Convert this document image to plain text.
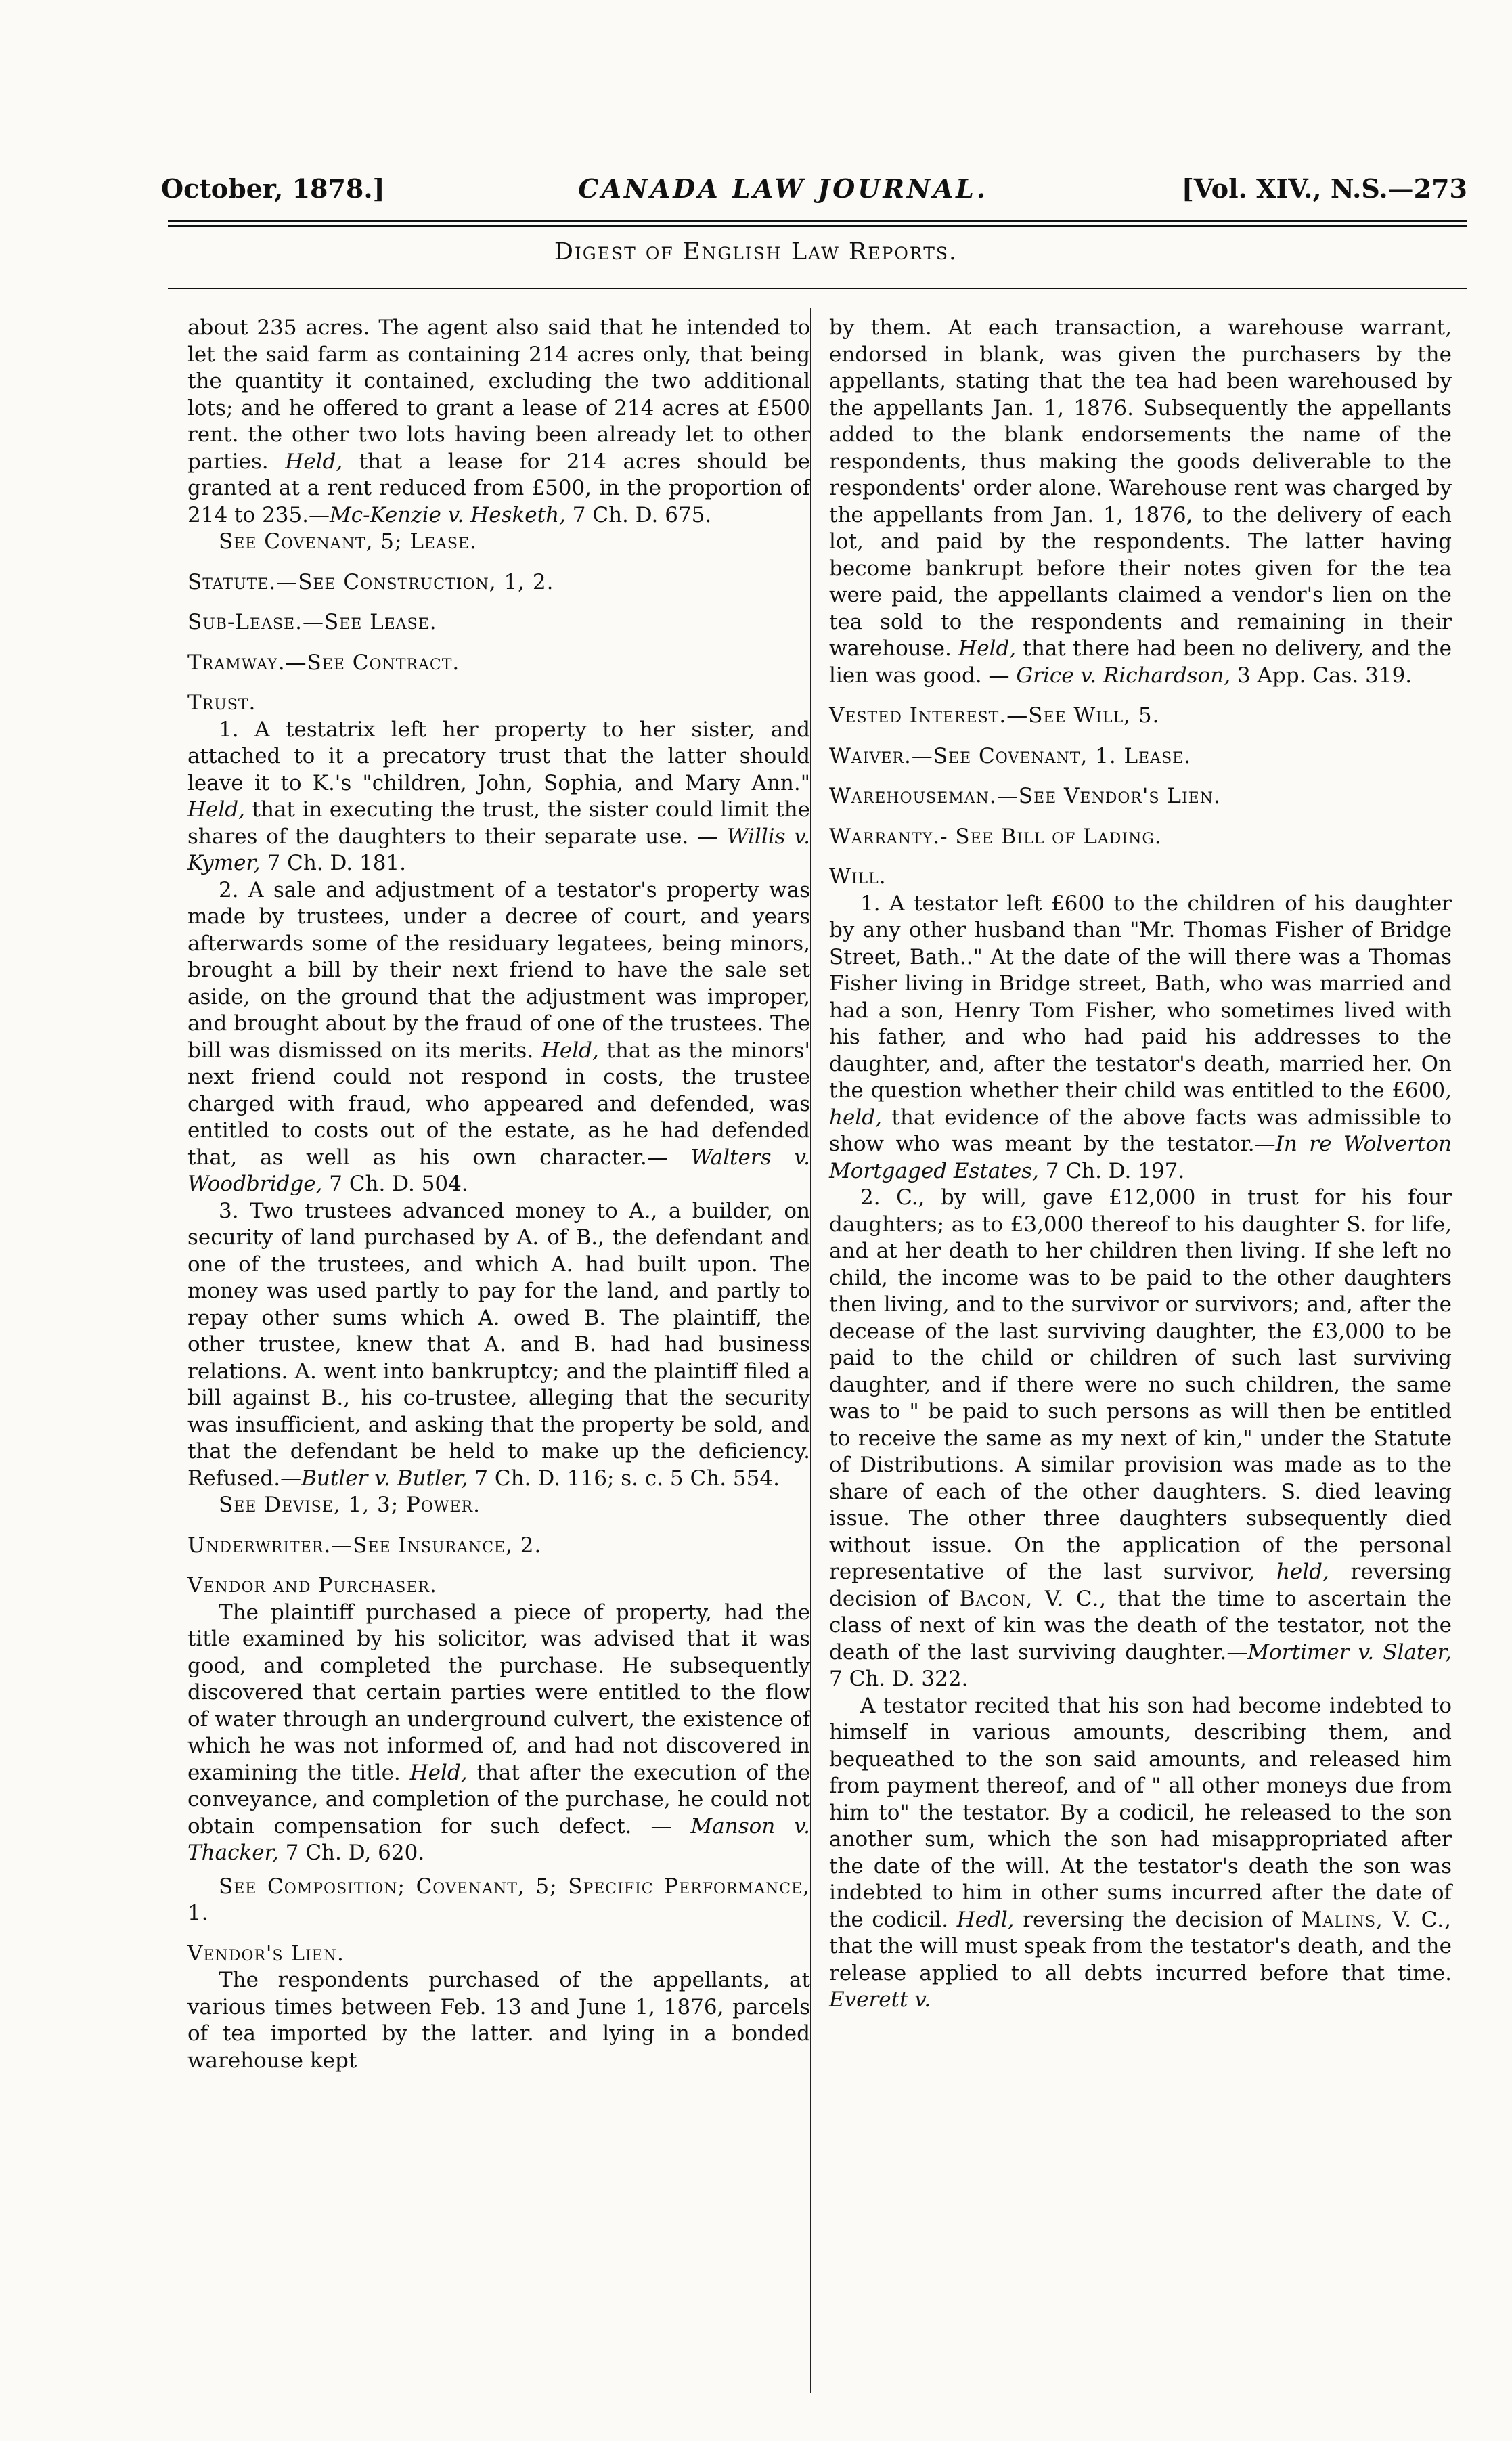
October, 1878.]	CANADA LAW JOURNAL.	[Vol. XIV., N.S.—273
Digest of English Law Reports.

about 235 acres. The agent also said that he intended to let the said farm as containing 214 acres only, that being the quantity it contained, excluding the two additional lots; and he offered to grant a lease of 214 acres at £500 rent. the other two lots having been already let to other parties. Held, that a lease for 214 acres should be granted at a rent reduced from £500, in the proportion of 214 to 235.—Mc-Kenzie v. Hesketh, 7 Ch. D. 675.

See Covenant, 5; Lease.

Statute.—See Construction, 1, 2.

Sub-Lease.—See Lease.

Tramway.—See Contract.

Trust.

1. A testatrix left her property to her sister, and attached to it a precatory trust that the latter should leave it to K.'s "children, John, Sophia, and Mary Ann." Held, that in executing the trust, the sister could limit the shares of the daughters to their separate use. — Willis v. Kymer, 7 Ch. D. 181.

2. A sale and adjustment of a testator's property was made by trustees, under a decree of court, and years afterwards some of the residuary legatees, being minors, brought a bill by their next friend to have the sale set aside, on the ground that the adjustment was improper, and brought about by the fraud of one of the trustees. The bill was dismissed on its merits. Held, that as the minors' next friend could not respond in costs, the trustee charged with fraud, who appeared and defended, was entitled to costs out of the estate, as he had defended that, as well as his own character.— Walters v. Woodbridge, 7 Ch. D. 504.

3. Two trustees advanced money to A., a builder, on security of land purchased by A. of B., the defendant and one of the trustees, and which A. had built upon. The money was used partly to pay for the land, and partly to repay other sums which A. owed B. The plaintiff, the other trustee, knew that A. and B. had had business relations. A. went into bankruptcy; and the plaintiff filed a bill against B., his co-trustee, alleging that the security was insufficient, and asking that the property be sold, and that the defendant be held to make up the deficiency. Refused.—Butler v. Butler, 7 Ch. D. 116; s. c. 5 Ch. 554.

See Devise, 1, 3; Power.

Underwriter.—See Insurance, 2.

Vendor and Purchaser.

The plaintiff purchased a piece of property, had the title examined by his solicitor, was advised that it was good, and completed the purchase. He subsequently discovered that certain parties were entitled to the flow of water through an underground culvert, the existence of which he was not informed of, and had not discovered in examining the title. Held, that after the execution of the conveyance, and completion of the purchase, he could not obtain compensation for such defect. — Manson v. Thacker, 7 Ch. D, 620.

See Composition; Covenant, 5; Specific Performance, 1.

Vendor's Lien.

The respondents purchased of the appellants, at various times between Feb. 13 and June 1, 1876, parcels of tea imported by the latter. and lying in a bonded warehouse kept

by them. At each transaction, a warehouse warrant, endorsed in blank, was given the purchasers by the appellants, stating that the tea had been warehoused by the appellants Jan. 1, 1876. Subsequently the appellants added to the blank endorsements the name of the respondents, thus making the goods deliverable to the respondents' order alone. Warehouse rent was charged by the appellants from Jan. 1, 1876, to the delivery of each lot, and paid by the respondents. The latter having become bankrupt before their notes given for the tea were paid, the appellants claimed a vendor's lien on the tea sold to the respondents and remaining in their warehouse. Held, that there had been no delivery, and the lien was good. — Grice v. Richardson, 3 App. Cas. 319.

Vested Interest.—See Will, 5.

Waiver.—See Covenant, 1. Lease.

Warehouseman.—See Vendor's Lien.

Warranty.- See Bill of Lading.

Will.

1. A testator left £600 to the children of his daughter by any other husband than "Mr. Thomas Fisher of Bridge Street, Bath.." At the date of the will there was a Thomas Fisher living in Bridge street, Bath, who was married and had a son, Henry Tom Fisher, who sometimes lived with his father, and who had paid his addresses to the daughter, and, after the testator's death, married her. On the question whether their child was entitled to the £600, held, that evidence of the above facts was admissible to show who was meant by the testator.—In re Wolverton Mortgaged Estates, 7 Ch. D. 197.

2. C., by will, gave £12,000 in trust for his four daughters; as to £3,000 thereof to his daughter S. for life, and at her death to her children then living. If she left no child, the income was to be paid to the other daughters then living, and to the survivor or survivors; and, after the decease of the last surviving daughter, the £3,000 to be paid to the child or children of such last surviving daughter, and if there were no such children, the same was to " be paid to such persons as will then be entitled to receive the same as my next of kin," under the Statute of Distributions. A similar provision was made as to the share of each of the other daughters. S. died leaving issue. The other three daughters subsequently died without issue. On the application of the personal representative of the last survivor, held, reversing decision of Bacon, V. C., that the time to ascertain the class of next of kin was the death of the testator, not the death of the last surviving daughter.—Mortimer v. Slater, 7 Ch. D. 322.

A testator recited that his son had become indebted to himself in various amounts, describing them, and bequeathed to the son said amounts, and released him from payment thereof, and of " all other moneys due from him to" the testator. By a codicil, he released to the son another sum, which the son had misappropriated after the date of the will. At the testator's death the son was indebted to him in other sums incurred after the date of the codicil. Hedl, reversing the decision of Malins, V. C., that the will must speak from the testator's death, and the release applied to all debts incurred before that time. Everett v.
